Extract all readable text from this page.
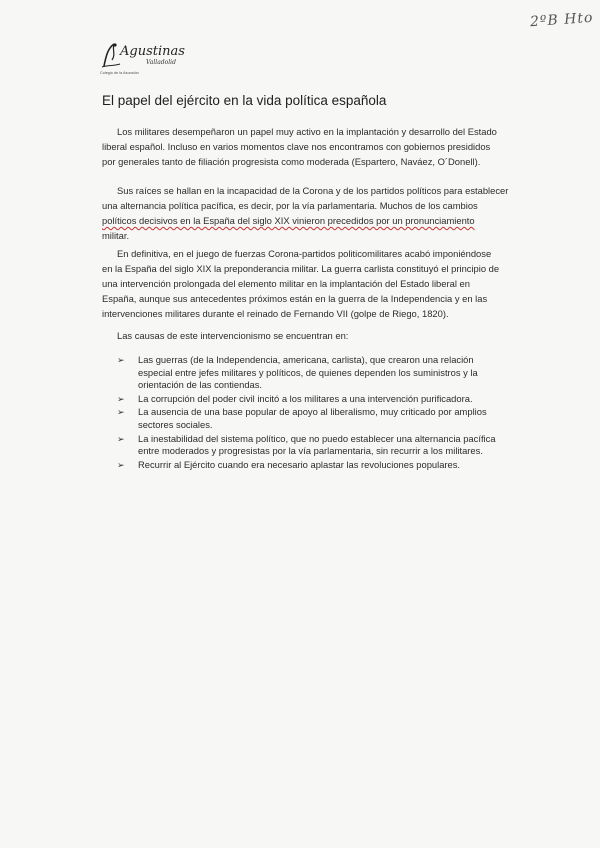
2ºB Hto
Agustinas
Valladolid
Colegio de la Asunción
El papel del ejército en la vida política española

Los militares desempeñaron un papel muy activo en la implantación y desarrollo del Estado
liberal español. Incluso en varios momentos clave nos encontramos con gobiernos presididos
por generales tanto de filiación progresista como moderada (Espartero, Naváez, O´Donell).

Sus raíces se hallan en la incapacidad de la Corona y de los partidos políticos para establecer
una alternancia política pacífica, es decir, por la vía parlamentaria. Muchos de los cambios
políticos decisivos en la España del siglo XIX vinieron precedidos por un pronunciamiento
militar.

En definitiva, en el juego de fuerzas Corona-partidos politicomilitares acabó imponiéndose
en la España del siglo XIX la preponderancia militar. La guerra carlista constituyó el principio de
una intervención prolongada del elemento militar en la implantación del Estado liberal en
España, aunque sus antecedentes próximos están en la guerra de la Independencia y en las
intervenciones militares durante el reinado de Fernando VII (golpe de Riego, 1820).

Las causas de este intervencionismo se encuentran en:

➢ Las guerras (de la Independencia, americana, carlista), que crearon una relación
especial entre jefes militares y políticos, de quienes dependen los suministros y la
orientación de las contiendas.
➢ La corrupción del poder civil incitó a los militares a una intervención purificadora.
➢ La ausencia de una base popular de apoyo al liberalismo, muy criticado por amplios
sectores sociales.
➢ La inestabilidad del sistema político, que no puedo establecer una alternancia pacífica
entre moderados y progresistas por la vía parlamentaria, sin recurrir a los militares.
➢ Recurrir al Ejército cuando era necesario aplastar las revoluciones populares.
